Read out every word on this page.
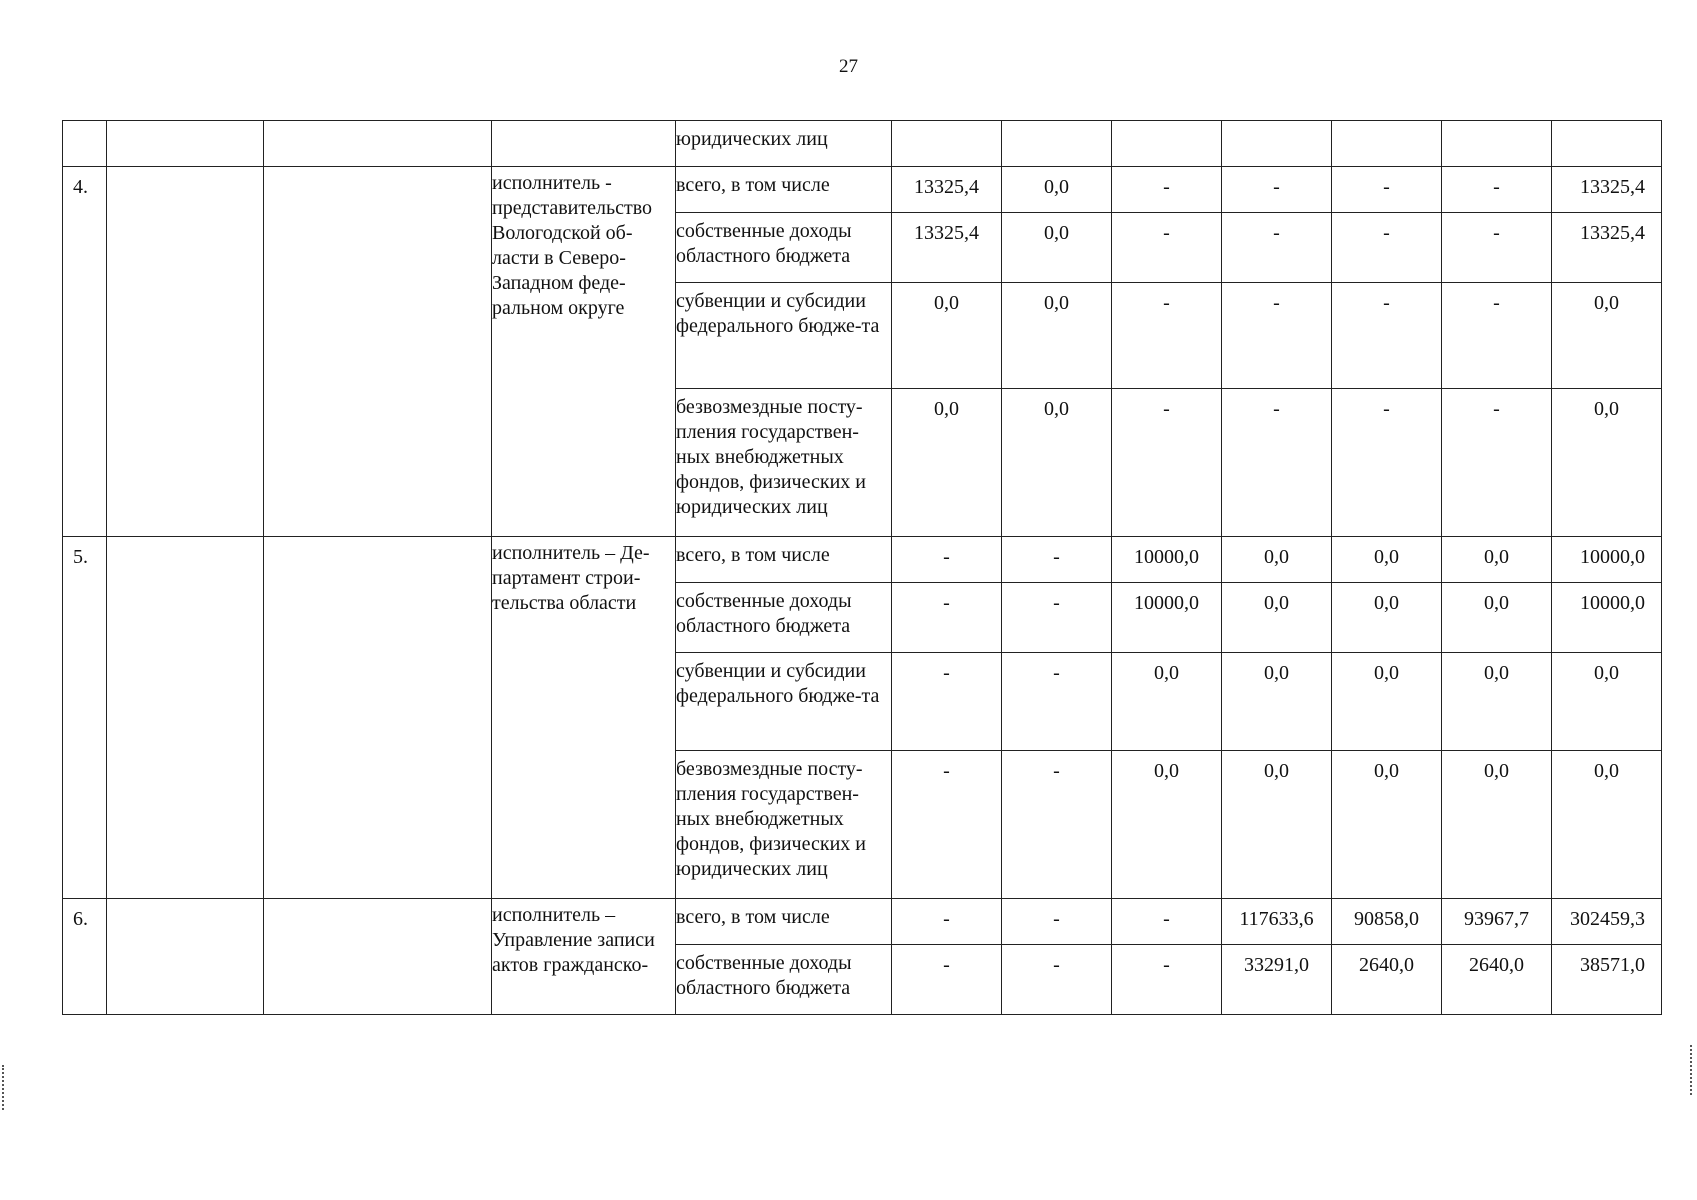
27
				юридических лиц							
4.			исполнитель - представительство Вологодской об-ласти в Северо-Западном феде-ральном округе	всего, в том числе	13325,4	0,0	-	-	-	-	13325,4
				собственные доходы областного бюджета	13325,4	0,0	-	-	-	-	13325,4
				субвенции и субсидии федерального бюдже-та	0,0	0,0	-	-	-	-	0,0
				безвозмездные посту-пления государствен-ных внебюджетных фондов, физических и юридических лиц	0,0	0,0	-	-	-	-	0,0
5.			исполнитель – Де-партамент строи-тельства области	всего, в том числе	-	-	10000,0	0,0	0,0	0,0	10000,0
				собственные доходы областного бюджета	-	-	10000,0	0,0	0,0	0,0	10000,0
				субвенции и субсидии федерального бюдже-та	-	-	0,0	0,0	0,0	0,0	0,0
				безвозмездные посту-пления государствен-ных внебюджетных фондов, физических и юридических лиц	-	-	0,0	0,0	0,0	0,0	0,0
6.			исполнитель – Управление записи актов гражданско-	всего, в том числе	-	-	-	117633,6	90858,0	93967,7	302459,3
				собственные доходы областного бюджета	-	-	-	33291,0	2640,0	2640,0	38571,0
